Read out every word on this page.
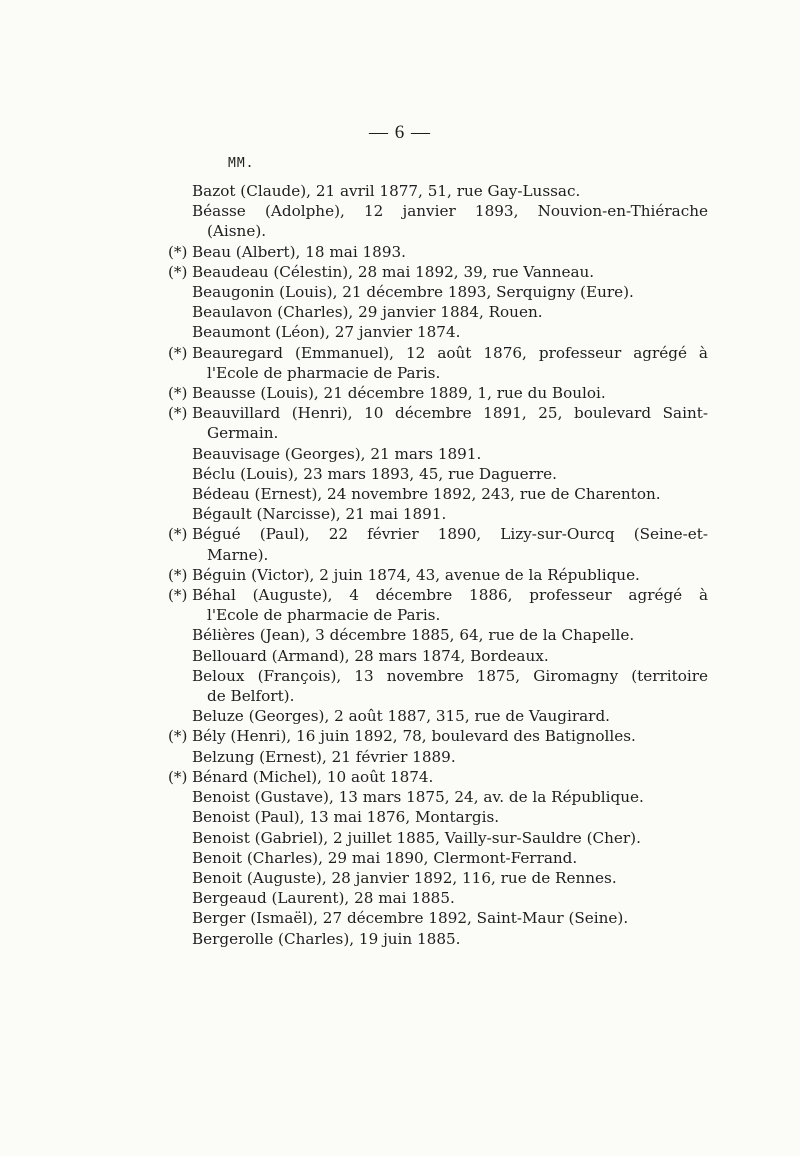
— 6 —
MM.
Bazot (Claude), 21 avril 1877, 51, rue Gay-Lussac.
Béasse (Adolphe), 12 janvier 1893, Nouvion-en-Thiérache
(Aisne).
(*) Beau (Albert), 18 mai 1893.
(*) Beaudeau (Célestin), 28 mai 1892, 39, rue Vanneau.
Beaugonin (Louis), 21 décembre 1893, Serquigny (Eure).
Beaulavon (Charles), 29 janvier 1884, Rouen.
Beaumont (Léon), 27 janvier 1874.
(*) Beauregard (Emmanuel), 12 août 1876, professeur agrégé à
l'Ecole de pharmacie de Paris.
(*) Beausse (Louis), 21 décembre 1889, 1, rue du Bouloi.
(*) Beauvillard (Henri), 10 décembre 1891, 25, boulevard Saint-
Germain.
Beauvisage (Georges), 21 mars 1891.
Béclu (Louis), 23 mars 1893, 45, rue Daguerre.
Bédeau (Ernest), 24 novembre 1892, 243, rue de Charenton.
Bégault (Narcisse), 21 mai 1891.
(*) Bégué (Paul), 22 février 1890, Lizy-sur-Ourcq (Seine-et-
Marne).
(*) Béguin (Victor), 2 juin 1874, 43, avenue de la République.
(*) Béhal (Auguste), 4 décembre 1886, professeur agrégé à
l'Ecole de pharmacie de Paris.
Bélières (Jean), 3 décembre 1885, 64, rue de la Chapelle.
Bellouard (Armand), 28 mars 1874, Bordeaux.
Beloux (François), 13 novembre 1875, Giromagny (territoire
de Belfort).
Beluze (Georges), 2 août 1887, 315, rue de Vaugirard.
(*) Bély (Henri), 16 juin 1892, 78, boulevard des Batignolles.
Belzung (Ernest), 21 février 1889.
(*) Bénard (Michel), 10 août 1874.
Benoist (Gustave), 13 mars 1875, 24, av. de la République.
Benoist (Paul), 13 mai 1876, Montargis.
Benoist (Gabriel), 2 juillet 1885, Vailly-sur-Sauldre (Cher).
Benoit (Charles), 29 mai 1890, Clermont-Ferrand.
Benoit (Auguste), 28 janvier 1892, 116, rue de Rennes.
Bergeaud (Laurent), 28 mai 1885.
Berger (Ismaël), 27 décembre 1892, Saint-Maur (Seine).
Bergerolle (Charles), 19 juin 1885.
